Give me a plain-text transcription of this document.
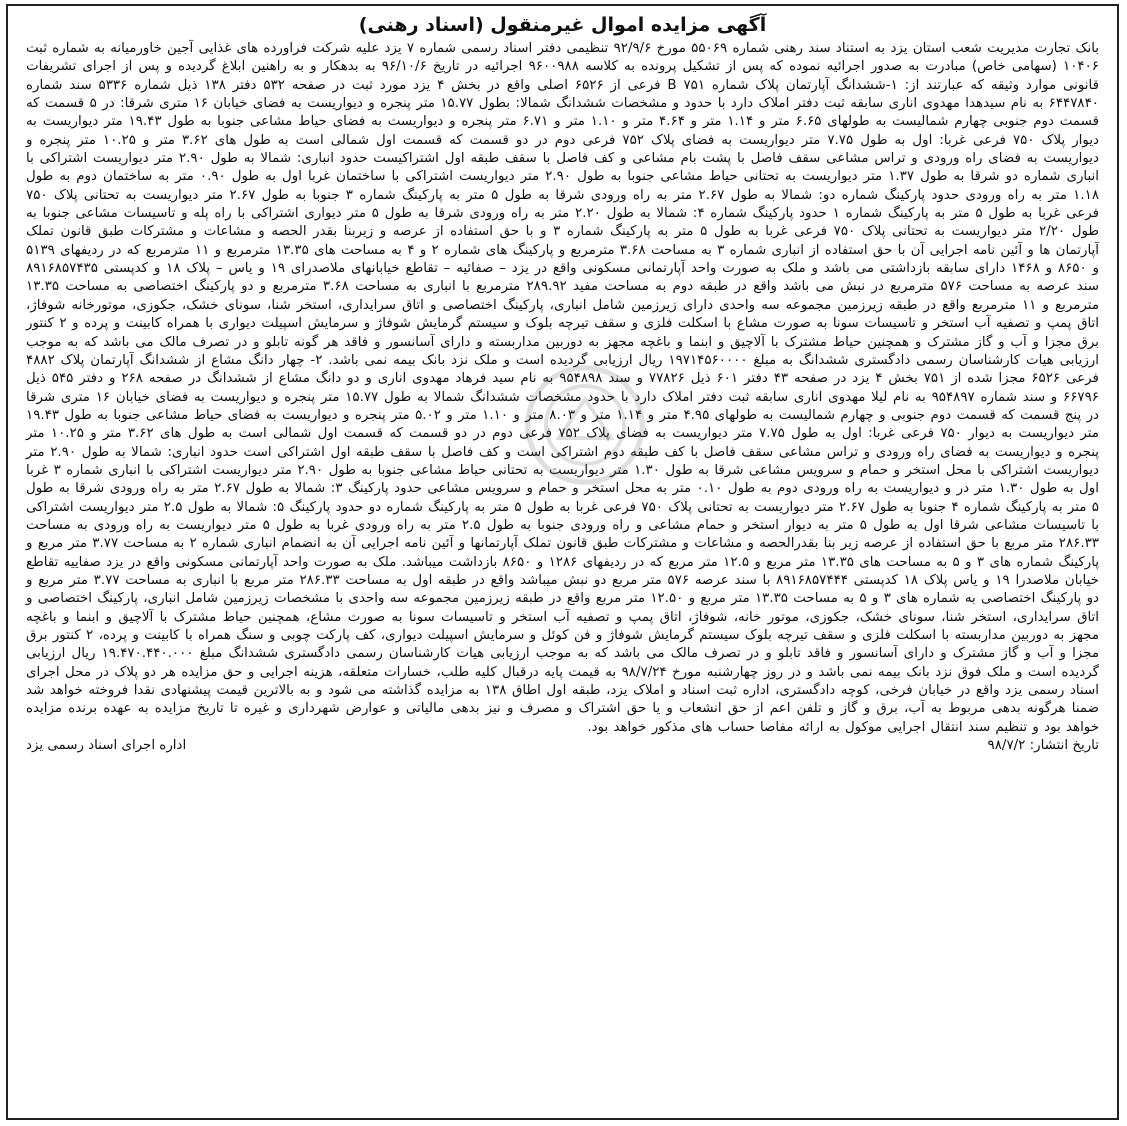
آگهی مزایده اموال غیرمنقول (اسناد رهنی)

بانک تجارت مدیریت شعب استان یزد به استناد سند رهنی شماره ۵۵۰۶۹ مورخ ۹۲/۹/۶ تنظیمی دفتر اسناد رسمی شماره ۷ یزد علیه شرکت فراورده های غذایی آجین خاورمیانه به شماره ثبت ۱۰۴۰۶ (سهامی خاص) مبادرت به صدور اجرائیه نموده که پس از تشکیل پرونده به کلاسه ۹۶۰۰۹۸۸ اجرائیه در تاریخ ۹۶/۱۰/۶ به بدهکار و به راهنین ابلاغ گردیده و پس از اجرای تشریفات قانونی موارد وثیقه که عبارتند از: ۱-ششدانگ آپارتمان پلاک شماره ۷۵۱ B فرعی از ۶۵۲۶ اصلی واقع در بخش ۴ یزد مورد ثبت در صفحه ۵۳۲ دفتر ۱۳۸ ذیل شماره ۵۳۳۶ سند شماره ۶۴۴۷۸۴۰ به نام سیدهدا مهدوی اناری سابقه ثبت دفتر املاک دارد با حدود و مشخصات ششدانگ شمالا: بطول ۱۵.۷۷ متر پنجره و دیواریست به فضای خیابان ۱۶ متری شرقا: در ۵ قسمت که قسمت دوم جنوبی چهارم شمالیست به طولهای ۶.۶۵ متر و ۱.۱۴ متر و ۴.۶۴ متر و ۱.۱۰ متر و ۶.۷۱ متر پنجره و دیواریست به فضای حیاط مشاعی جنوبا به طول ۱۹.۴۳ متر دیواریست به دیوار پلاک ۷۵۰ فرعی غربا: اول به طول ۷.۷۵ متر دیواریست به فضای پلاک ۷۵۲ فرعی دوم در دو قسمت که قسمت اول شمالی است به طول های ۳.۶۲ متر و ۱۰.۲۵ متر پنجره و دیواریست به فضای راه ورودی و تراس مشاعی سقف فاصل با پشت بام مشاعی و کف فاصل با سقف طبقه اول اشتراکیست حدود انباری: شمالا به طول ۲.۹۰ متر دیواریست اشتراکی با انباری شماره دو شرقا به طول ۱.۳۷ متر دیواریست به تحتانی حیاط مشاعی جنوبا به طول ۲.۹۰ متر دیواریست اشتراکی با ساختمان غربا اول به طول ۰.۹۰ متر به ساختمان دوم به طول ۱.۱۸ متر به راه ورودی حدود پارکینگ شماره دو: شمالا به طول ۲.۶۷ متر به راه ورودی شرقا به طول ۵ متر به پارکینگ شماره ۳ جنوبا به طول ۲.۶۷ متر دیواریست به تحتانی پلاک ۷۵۰ فرعی غربا به طول ۵ متر به پارکینگ شماره ۱ حدود پارکینگ شماره ۴: شمالا به طول ۲.۲۰ متر به راه ورودی شرقا به طول ۵ متر دیواری اشتراکی با راه پله و تاسیسات مشاعی جنوبا به طول ۲/۲۰ متر دیواریست به تحتانی پلاک ۷۵۰ فرعی غربا به طول ۵ متر به پارکینگ شماره ۳ و با حق استفاده از عرصه و زیربنا بقدر الحصه و مشاعات و مشترکات طبق قانون تملک آپارتمان ها و آئین نامه اجرایی آن با حق استفاده از انباری شماره ۳ به مساحت ۳.۶۸ مترمربع و پارکینگ های شماره ۲ و ۴ به مساحت های ۱۳.۳۵ مترمربع و ۱۱ مترمربع که در ردیفهای ۵۱۳۹ و ۸۶۵۰ و ۱۴۶۸ دارای سابقه بازداشتی می باشد و ملک به صورت واحد آپارتمانی مسکونی واقع در یزد – صفائیه – تقاطع خیابانهای ملاصدرای ۱۹ و یاس – پلاک ۱۸ و کدپستی ۸۹۱۶۸۵۷۴۳۵ سند عرصه به مساحت ۵۷۶ مترمربع در نبش می باشد واقع در طبقه دوم به مساحت مفید ۲۸۹.۹۲ مترمربع با انباری به مساحت ۳.۶۸ مترمربع و دو پارکینگ اختصاصی به مساحت ۱۳.۳۵ مترمربع و ۱۱ مترمربع واقع در طبقه زیرزمین مجموعه سه واحدی دارای زیرزمین شامل انباری، پارکینگ اختصاصی و اتاق سرایداری، استخر شنا، سونای خشک، جکوزی، موتورخانه شوفاژ، اتاق پمپ و تصفیه آب استخر و تاسیسات سونا به صورت مشاع با اسکلت فلزی و سقف تیرچه بلوک و سیستم گرمایش شوفاژ و سرمایش اسپیلت دیواری با همراه کابینت و پرده و ۲ کنتور برق مجزا و آب و گاز مشترک و همچنین حیاط مشترک با آلاچیق و ابنما و باغچه مجهز به دوربین مداربسته و دارای آسانسور و فاقد هر گونه تابلو و در تصرف مالک می باشد که به موجب ارزیابی هیات کارشناسان رسمی دادگستری ششدانگ به مبلغ ۱۹۷۱۴۵۶۰۰۰۰ ریال ارزیابی گردیده است و ملک نزد بانک بیمه نمی باشد. ۲- چهار دانگ مشاع از ششدانگ آپارتمان پلاک ۴۸۸۲ فرعی ۶۵۲۶ مجزا شده از ۷۵۱ بخش ۴ یزد در صفحه ۴۳ دفتر ۶۰۱ ذیل ۷۷۸۲۶ و سند ۹۵۴۸۹۸ به نام سید فرهاد مهدوی اناری و دو دانگ مشاع از ششدانگ در صفحه ۲۶۸ و دفتر ۵۴۵ ذیل ۶۶۷۹۶ و سند شماره ۹۵۴۸۹۷ به نام لیلا مهدوی اناری سابقه ثبت دفتر املاک دارد با حدود مشخصات ششدانگ شمالا به طول ۱۵.۷۷ متر پنجره و دیواریست به فضای خیابان ۱۶ متری شرقا در پنج قسمت که قسمت دوم جنوبی و چهارم شمالیست به طولهای ۴.۹۵ متر و ۱.۱۴ متر و ۸.۰۳ متر و ۱.۱۰ متر و ۵.۰۲ متر پنجره و دیواریست به فضای حیاط مشاعی جنوبا به طول ۱۹.۴۳ متر دیواریست به دیوار ۷۵۰ فرعی غربا: اول به طول ۷.۷۵ متر دیواریست به فضای پلاک ۷۵۲ فرعی دوم در دو قسمت که قسمت اول شمالی است به طول های ۳.۶۲ متر و ۱۰.۲۵ متر پنجره و دیواریست به فضای راه ورودی و تراس مشاعی سقف فاصل با کف طبقه دوم اشتراکی است و کف فاصل با سقف طبقه اول اشتراکی است حدود انباری: شمالا به طول ۲.۹۰ متر دیواریست اشتراکی با محل استخر و حمام و سرویس مشاعی شرقا به طول ۱.۳۰ متر دیواریست به تحتانی حیاط مشاعی جنوبا به طول ۲.۹۰ متر دیواریست اشتراکی با انباری شماره ۳ غربا اول به طول ۱.۳۰ متر در و دیواریست به راه ورودی دوم به طول ۰.۱۰ متر به محل استخر و حمام و سرویس مشاعی حدود پارکینگ ۳: شمالا به طول ۲.۶۷ متر به راه ورودی شرقا به طول ۵ متر به پارکینگ شماره ۴ جنوبا به طول ۲.۶۷ متر دیواریست به تحتانی پلاک ۷۵۰ فرعی غربا به طول ۵ متر به پارکینگ شماره دو حدود پارکینگ ۵: شمالا به طول ۲.۵ متر دیواریست اشتراکی با تاسیسات مشاعی شرقا اول به طول ۵ متر به دیوار استخر و حمام مشاعی و راه ورودی جنوبا به طول ۲.۵ متر به راه ورودی غربا به طول ۵ متر دیواریست به راه ورودی به مساحت ۲۸۶.۳۳ متر مربع با حق استفاده از عرصه زیر بنا بقدرالحصه و مشاعات و مشترکات طبق قانون تملک آپارتمانها و آئین نامه اجرایی آن به انضمام انباری شماره ۲ به مساحت ۳.۷۷ متر مربع و پارکینگ شماره های ۳ و ۵ به مساحت های ۱۳.۳۵ متر مربع و ۱۲.۵ متر مربع که در ردیفهای ۱۲۸۶ و ۸۶۵۰ بازداشت میباشد. ملک به صورت واحد آپارتمانی مسکونی واقع در یزد صفاییه تقاطع خیابان ملاصدرا ۱۹ و یاس پلاک ۱۸ کدپستی ۸۹۱۶۸۵۷۴۴۴ با سند عرصه ۵۷۶ متر مربع دو نبش میباشد واقع در طبقه اول به مساحت ۲۸۶.۳۳ متر مربع با انباری به مساحت ۳.۷۷ متر مربع و دو پارکینگ اختصاصی به شماره های ۳ و ۵ به مساحت ۱۳.۳۵ متر مربع و ۱۲.۵۰ متر مربع واقع در طبقه زیرزمین مجموعه سه واحدی با مشخصات زیرزمین شامل انباری، پارکینگ اختصاصی و اتاق سرایداری، استخر شنا، سونای خشک، جکوزی، موتور خانه، شوفاژ، اتاق پمپ و تصفیه آب استخر و تاسیسات سونا به صورت مشاع، همچنین حیاط مشترک با آلاچیق و ابنما و باغچه مجهز به دوربین مداربسته با اسکلت فلزی و سقف تیرچه بلوک سیستم گرمایش شوفاژ و فن کوئل و سرمایش اسپیلت دیواری، کف پارکت چوبی و سنگ همراه با کابینت و پرده، ۲ کنتور برق مجزا و آب و گاز مشترک و دارای آسانسور و فاقد تابلو و در تصرف مالک می باشد که به موجب ارزیابی هیات کارشناسان رسمی دادگستری ششدانگ مبلغ ۱۹.۴۷۰.۴۴۰.۰۰۰ ریال ارزیابی گردیده است و ملک فوق نزد بانک بیمه نمی باشد و در روز چهارشنبه مورخ ۹۸/۷/۲۴ به قیمت پایه درقبال کلیه طلب، خسارات متعلقه، هزینه اجرایی و حق مزایده هر دو پلاک در محل اجرای اسناد رسمی یزد واقع در خیابان فرخی، کوچه دادگستری، اداره ثبت اسناد و املاک یزد، طبقه اول اطاق ۱۳۸ به مزایده گذاشته می شود و به بالاترین قیمت پیشنهادی نقدا فروخته خواهد شد ضمنا هرگونه بدهی مربوط به آب، برق و گاز و تلفن اعم از حق انشعاب و یا حق اشتراک و مصرف و نیز بدهی مالیاتی و عوارض شهرداری و غیره تا تاریخ مزایده به عهده برنده مزایده خواهد بود و تنظیم سند انتقال اجرایی موکول به ارائه مفاصا حساب های مذکور خواهد بود.

تاریخ انتشار: ۹۸/۷/۲
اداره اجرای اسناد رسمی یزد
